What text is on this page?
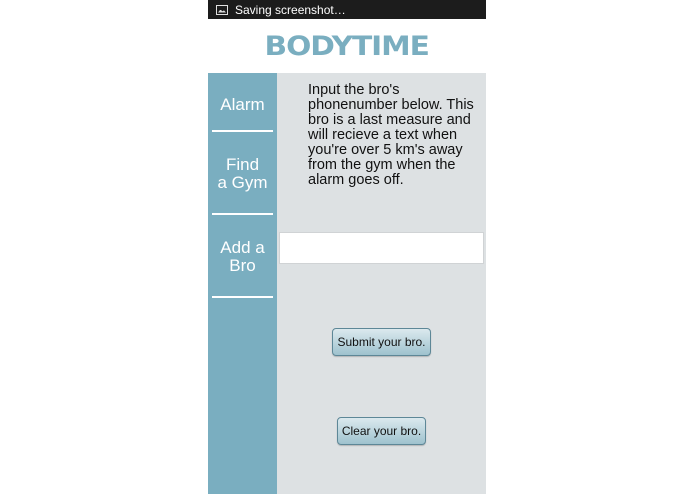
Saving screenshot…
BODYTIME
Alarm
Find
a Gym
Add a
Bro

Input the bro's phonenumber below. This bro is a last measure and will recieve a text when you're over 5 km's away from the gym when the alarm goes off.

Submit your bro.
Clear your bro.
